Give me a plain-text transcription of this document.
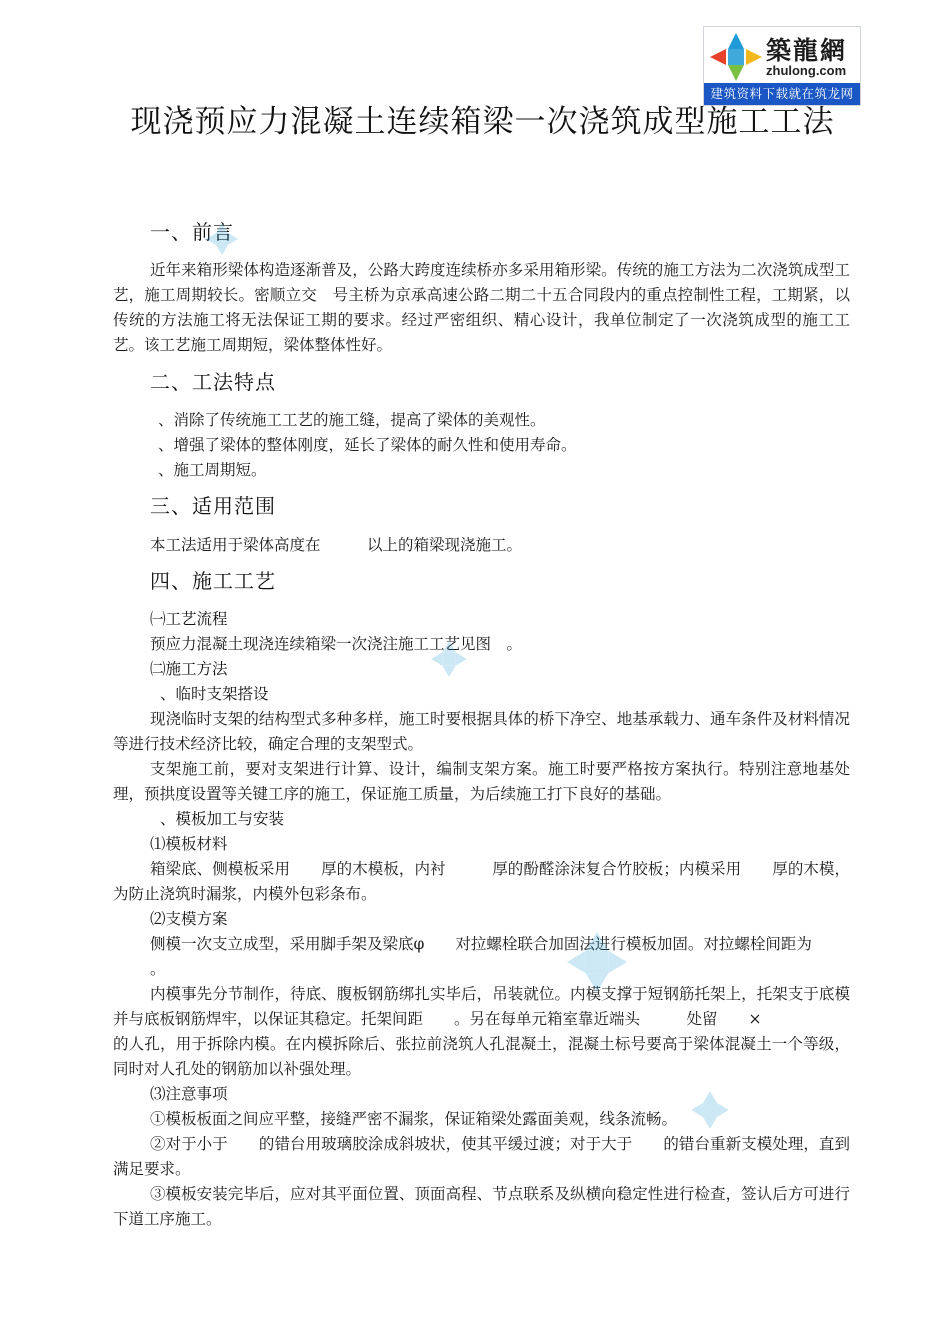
築龍網
zhulong.com
建筑资料下载就在筑龙网
现浇预应力混凝土连续箱梁一次浇筑成型施工工法
一、前言
近年来箱形梁体构造逐渐普及，公路大跨度连续桥亦多采用箱形梁。传统的施工方法为二次浇筑成型工艺，施工周期较长。密顺立交　号主桥为京承高速公路二期二十五合同段内的重点控制性工程，工期紧，以传统的方法施工将无法保证工期的要求。经过严密组织、精心设计，我单位制定了一次浇筑成型的施工工艺。该工艺施工周期短，梁体整体性好。
二、工法特点
、消除了传统施工工艺的施工缝，提高了梁体的美观性。
、增强了梁体的整体刚度，延长了梁体的耐久性和使用寿命。
、施工周期短。
三、适用范围
本工法适用于梁体高度在　　　以上的箱梁现浇施工。
四、施工工艺
㈠工艺流程
预应力混凝土现浇连续箱梁一次浇注施工工艺见图　。
㈡施工方法
、临时支架搭设
现浇临时支架的结构型式多种多样，施工时要根据具体的桥下净空、地基承载力、通车条件及材料情况等进行技术经济比较，确定合理的支架型式。
支架施工前，要对支架进行计算、设计，编制支架方案。施工时要严格按方案执行。特别注意地基处理，预拱度设置等关键工序的施工，保证施工质量，为后续施工打下良好的基础。
、模板加工与安装
⑴模板材料
箱梁底、侧模板采用　　厚的木模板，内衬　　　厚的酚醛涂沫复合竹胶板；内模采用　　厚的木模，为防止浇筑时漏浆，内模外包彩条布。
⑵支模方案
侧模一次支立成型，采用脚手架及梁底φ　　对拉螺栓联合加固法进行模板加固。对拉螺栓间距为
。
内模事先分节制作，待底、腹板钢筋绑扎实毕后，吊装就位。内模支撑于短钢筋托架上，托架支于底模并与底板钢筋焊牢，以保证其稳定。托架间距　　。另在每单元箱室靠近端头　　　处留　　×
的人孔，用于拆除内模。在内模拆除后、张拉前浇筑人孔混凝土，混凝土标号要高于梁体混凝土一个等级，同时对人孔处的钢筋加以补强处理。
⑶注意事项
①模板板面之间应平整，接缝严密不漏浆，保证箱梁处露面美观，线条流畅。
②对于小于　　的错台用玻璃胶涂成斜坡状，使其平缓过渡；对于大于　　的错台重新支模处理，直到满足要求。
③模板安装完毕后，应对其平面位置、顶面高程、节点联系及纵横向稳定性进行检查，签认后方可进行下道工序施工。
